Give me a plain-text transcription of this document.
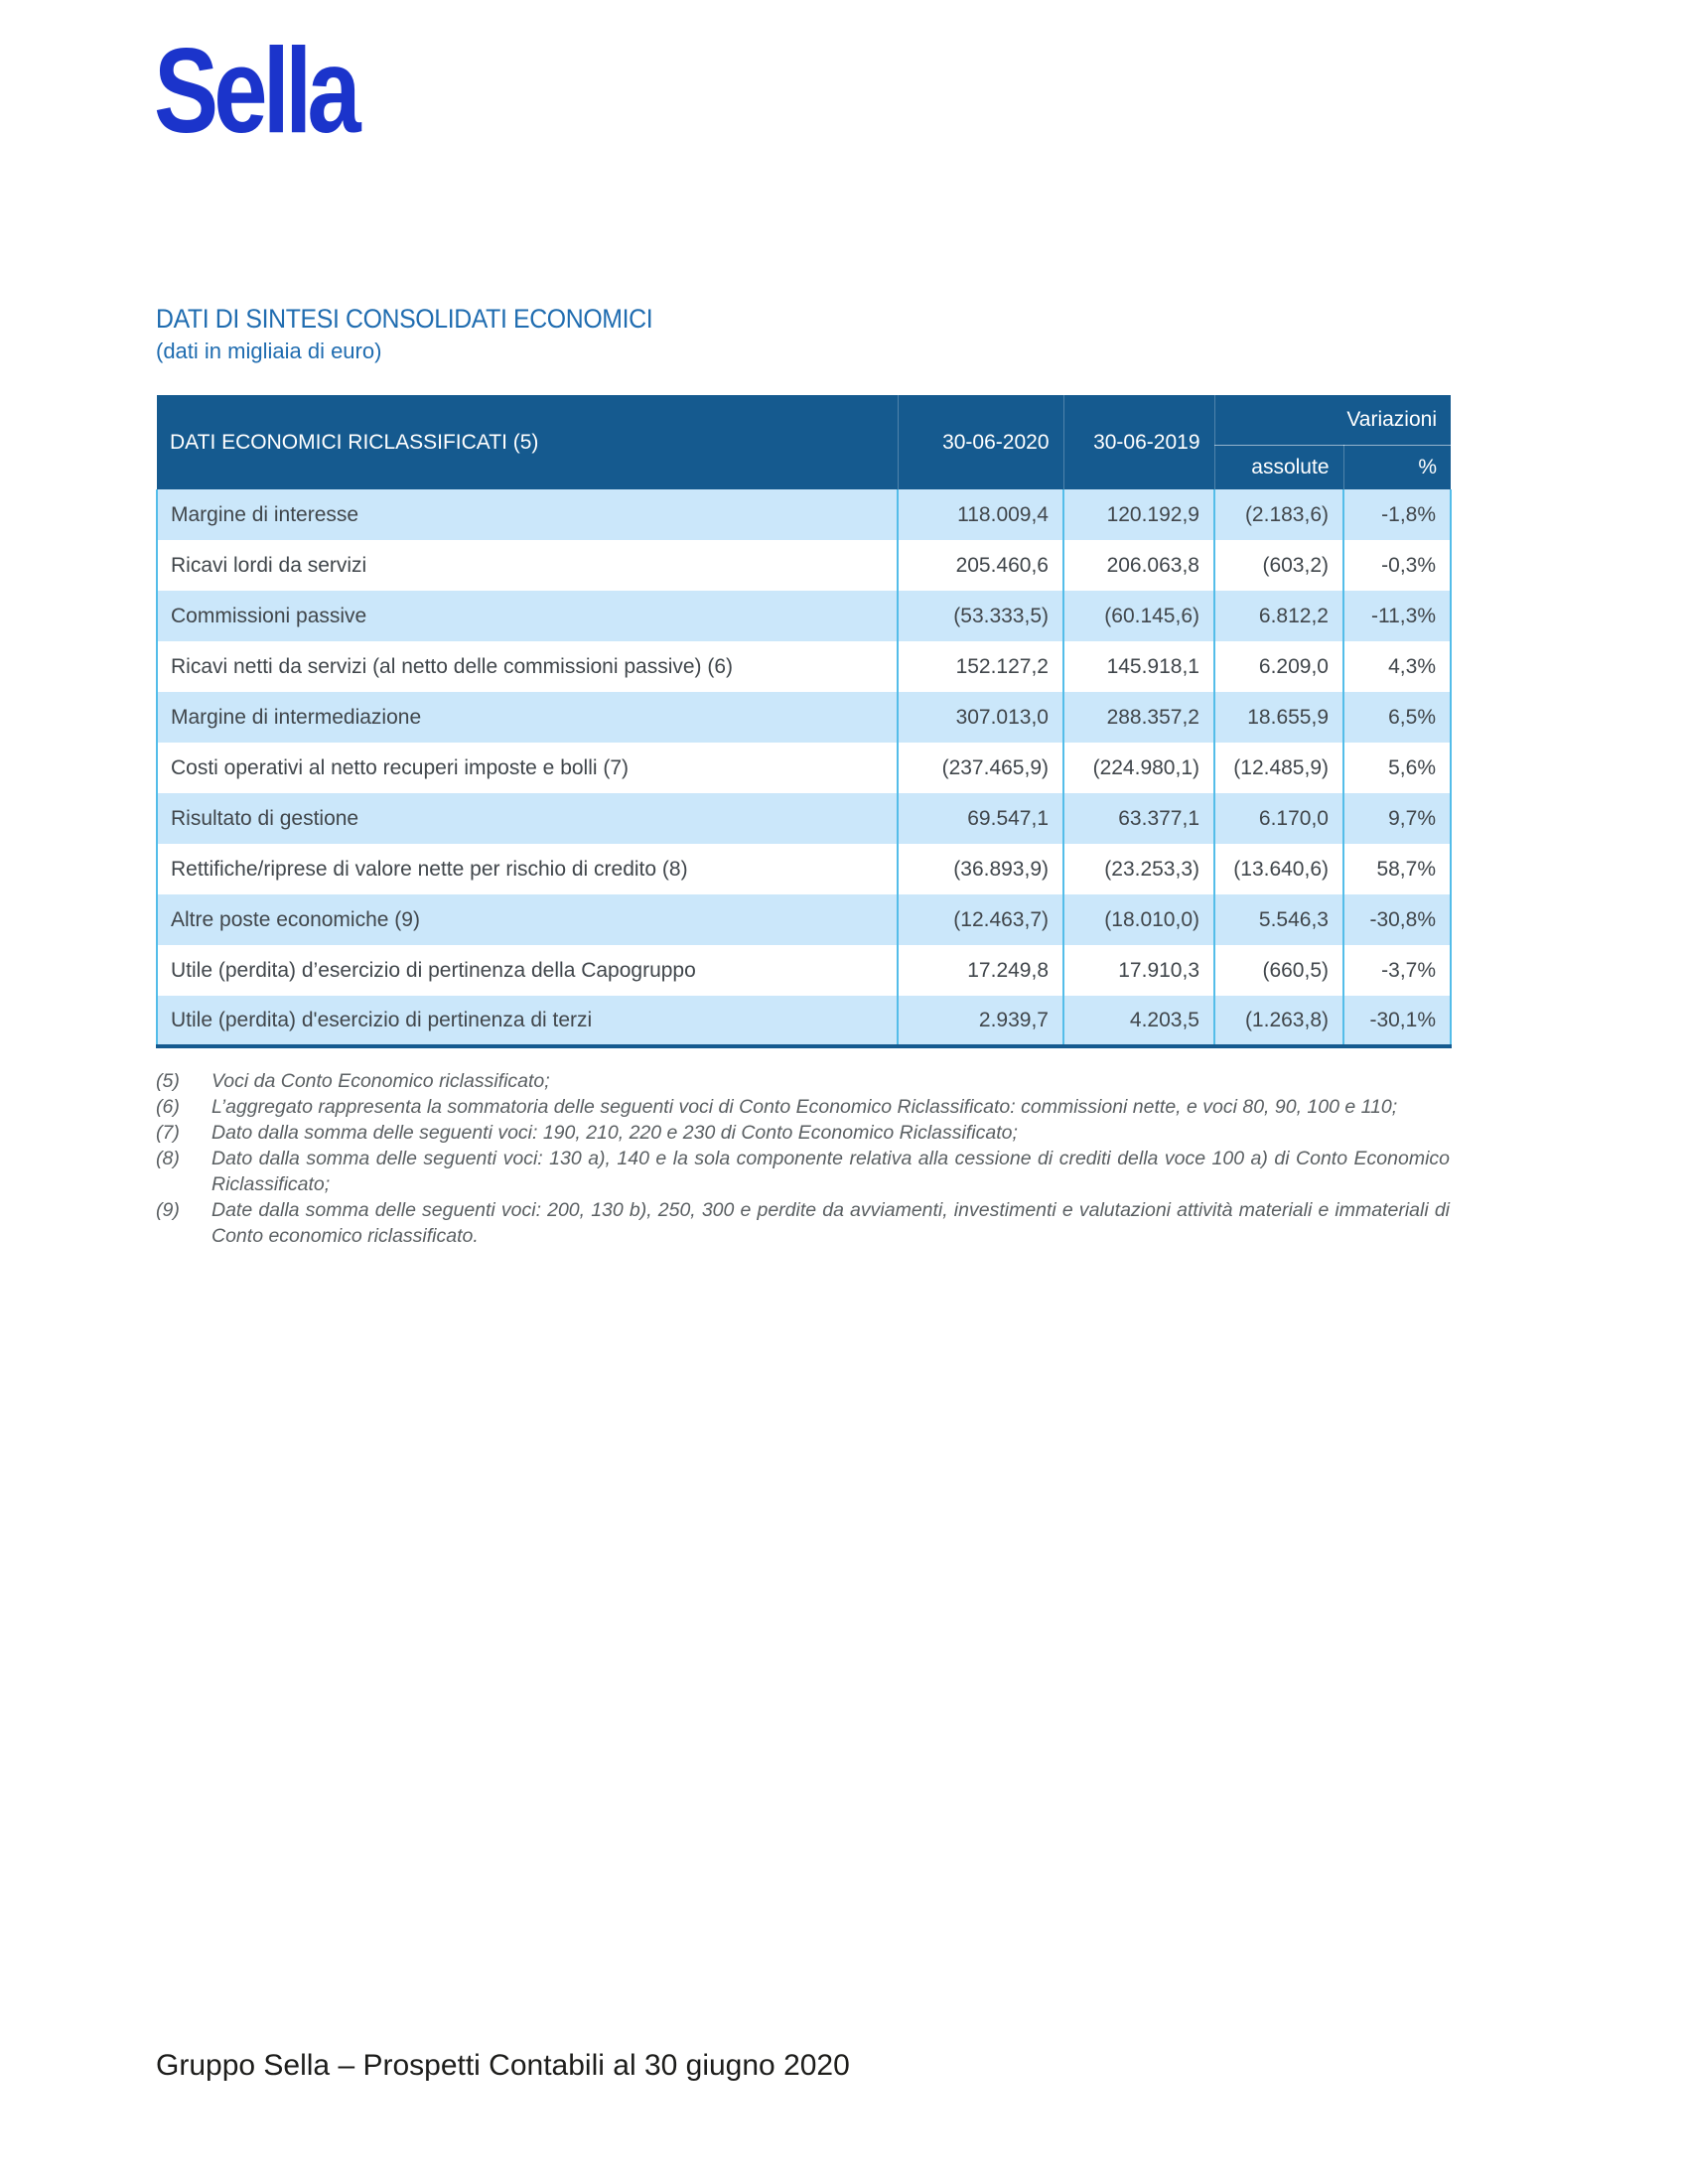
Sella
DATI DI SINTESI CONSOLIDATI ECONOMICI
(dati in migliaia di euro)
DATI ECONOMICI RICLASSIFICATI (5)	30-06-2020	30-06-2019	Variazioni	
			assolute	%
Margine di interesse	118.009,4	120.192,9	(2.183,6)	-1,8%
Ricavi lordi da servizi	205.460,6	206.063,8	(603,2)	-0,3%
Commissioni passive	(53.333,5)	(60.145,6)	6.812,2	-11,3%
Ricavi netti da servizi (al netto delle commissioni passive) (6)	152.127,2	145.918,1	6.209,0	4,3%
Margine di intermediazione	307.013,0	288.357,2	18.655,9	6,5%
Costi operativi al netto recuperi imposte e bolli (7)	(237.465,9)	(224.980,1)	(12.485,9)	5,6%
Risultato di gestione	69.547,1	63.377,1	6.170,0	9,7%
Rettifiche/riprese di valore nette per rischio di credito (8)	(36.893,9)	(23.253,3)	(13.640,6)	58,7%
Altre poste economiche (9)	(12.463,7)	(18.010,0)	5.546,3	-30,8%
Utile (perdita) d’esercizio di pertinenza della Capogruppo	17.249,8	17.910,3	(660,5)	-3,7%
Utile (perdita) d'esercizio di pertinenza di terzi	2.939,7	4.203,5	(1.263,8)	-30,1%
(5)	Voci da Conto Economico riclassificato;
(6)	L’aggregato rappresenta la sommatoria delle seguenti voci di Conto Economico Riclassificato: commissioni nette, e voci 80, 90, 100 e 110;
(7)	Dato dalla somma delle seguenti voci: 190, 210, 220 e 230 di Conto Economico Riclassificato;
(8)	Dato dalla somma delle seguenti voci: 130 a), 140 e la sola componente relativa alla cessione di crediti della voce 100 a) di Conto Economico Riclassificato;
(9)	Date dalla somma delle seguenti voci: 200, 130 b), 250, 300 e perdite da avviamenti, investimenti e valutazioni attività materiali e immateriali di Conto economico riclassificato.
Gruppo Sella – Prospetti Contabili al 30 giugno 2020
